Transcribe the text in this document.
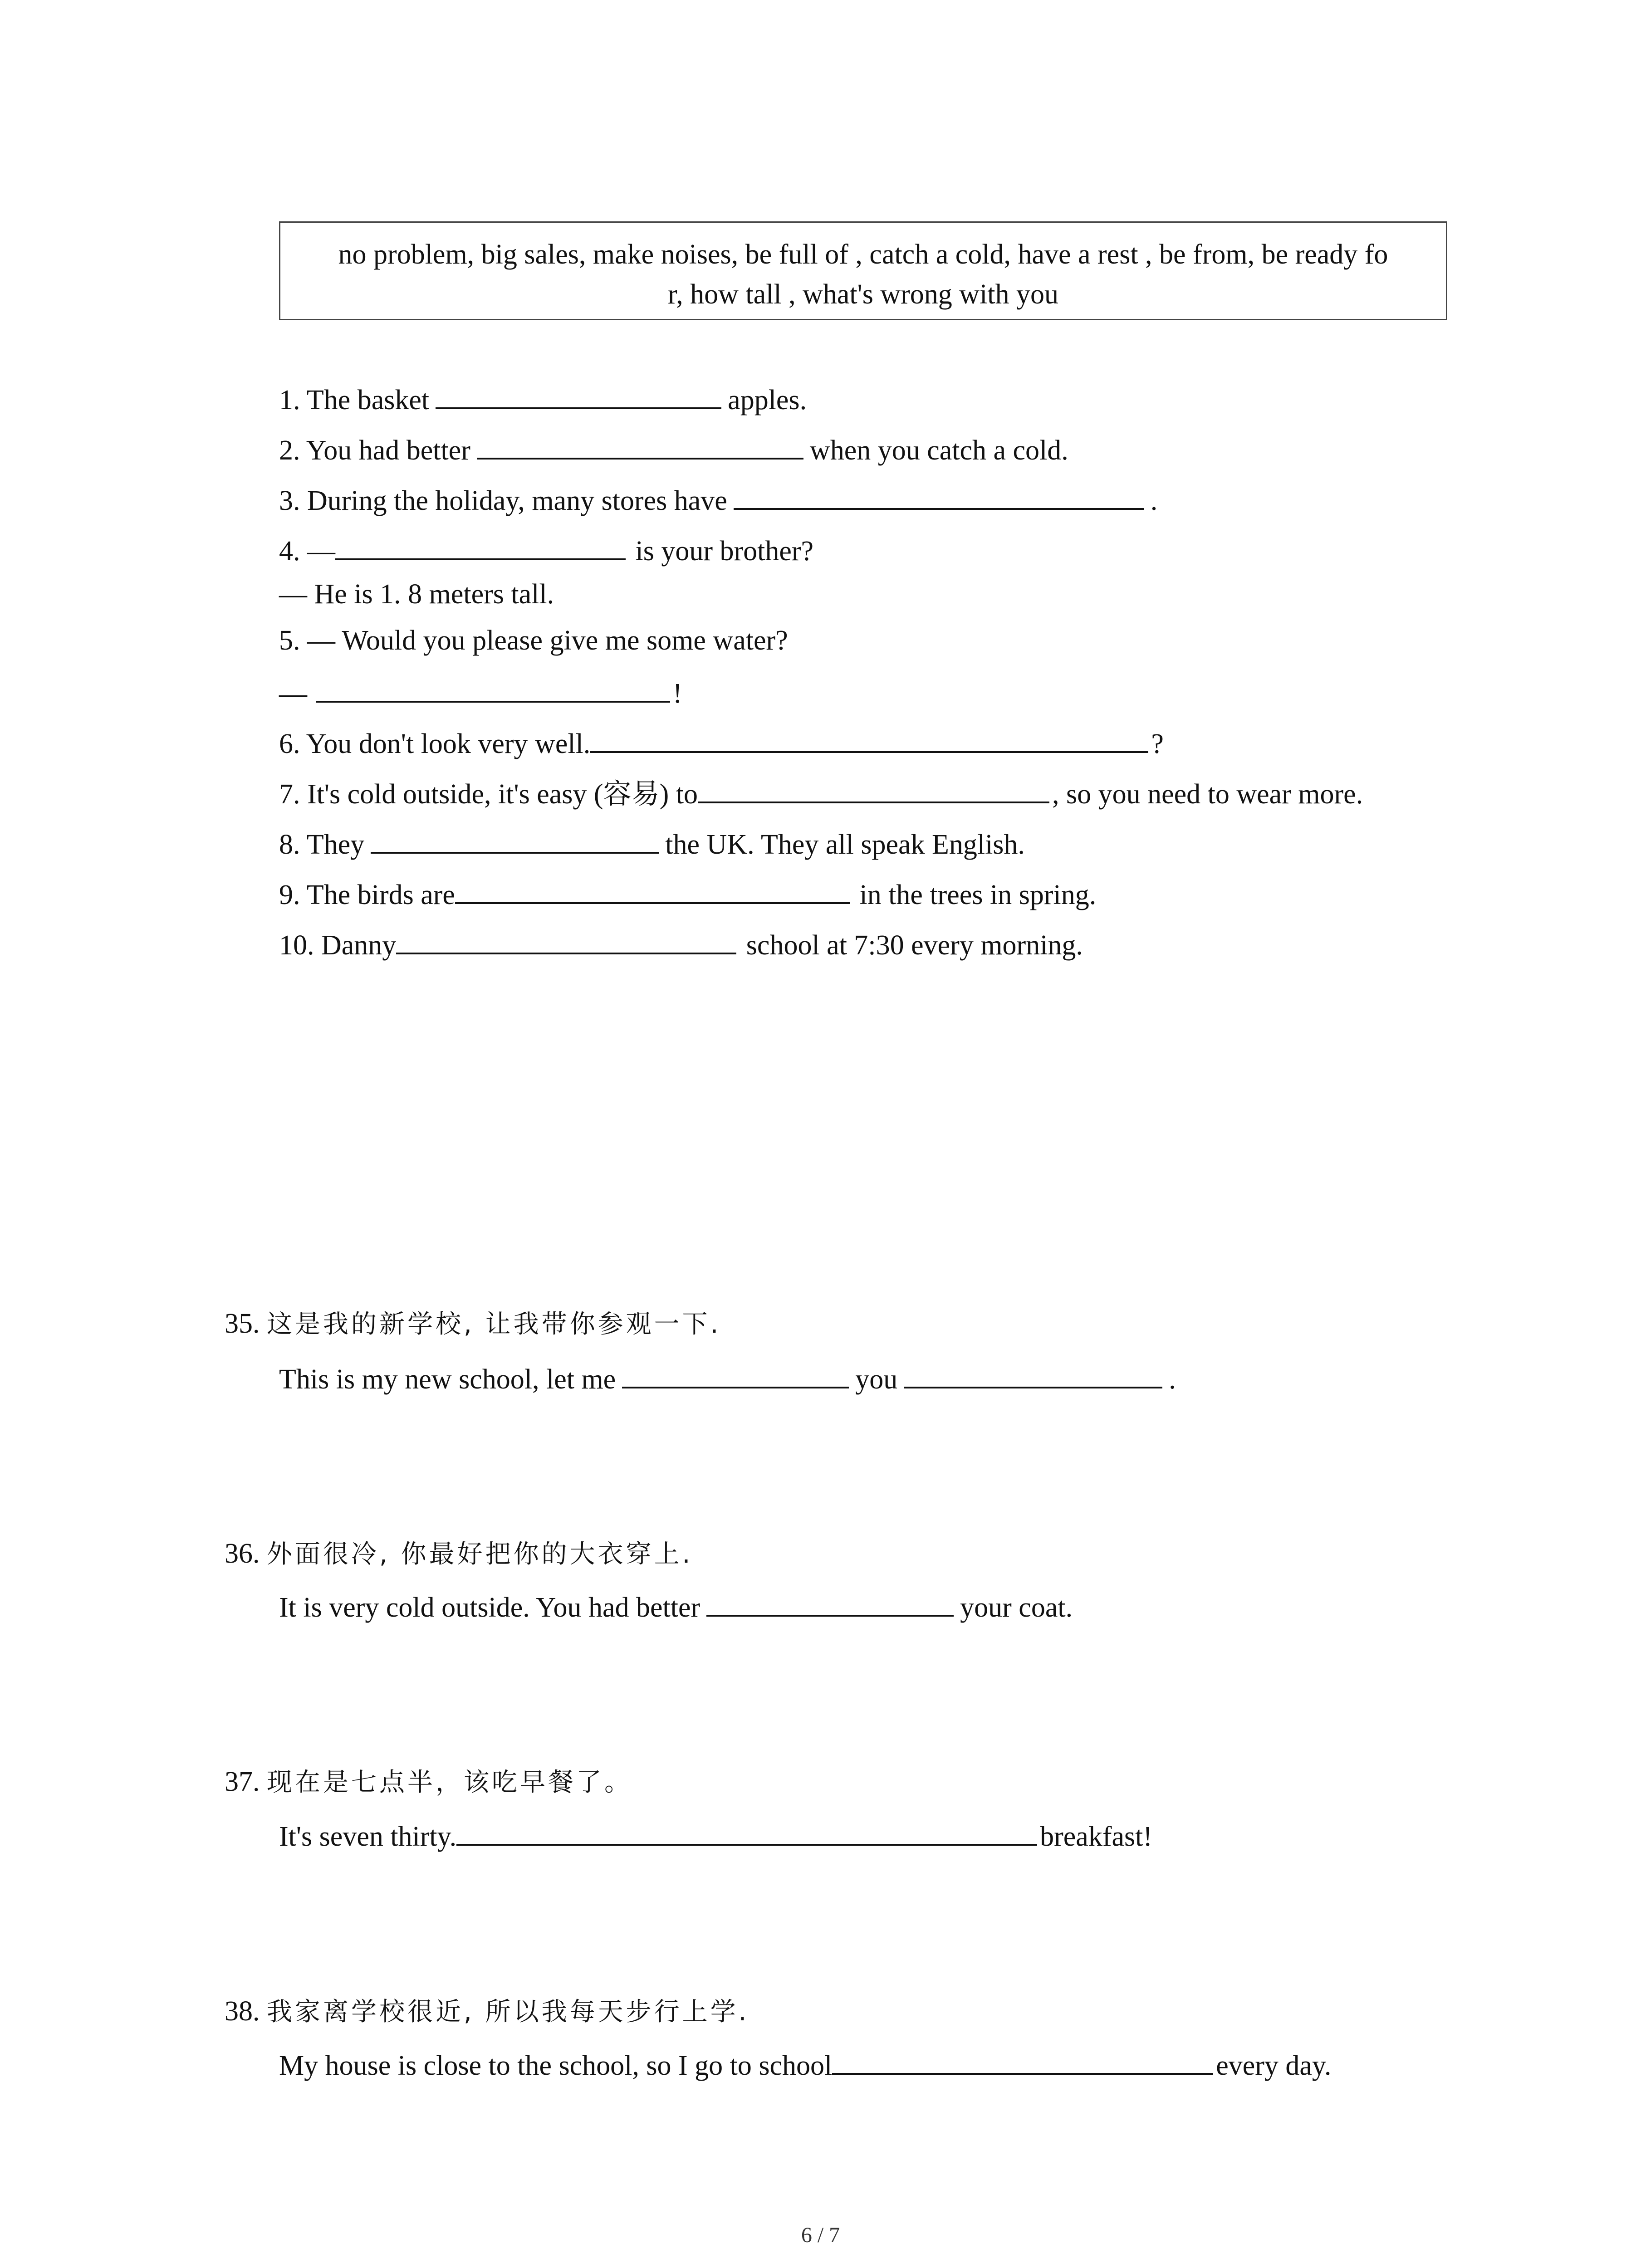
no problem, big sales, make noises, be full of , catch a cold, have a rest , be from, be ready fo
r, how tall , what's wrong with you
1. The basket	apples.
2. You had better	when you catch a cold.
3. During the holiday, many stores have	.
4. —	is your brother?
— He is 1. 8 meters tall.
5. — Would you please give me some water?
—	!
6. You don't look very well.	?
7. It's cold outside, it's easy (容易) to	, so you need to wear more.
8. They	the UK. They all speak English.
9. The birds are	in the trees in spring.
10. Danny	school at 7:30 every morning.
35. 这是我的新学校, 让我带你参观一下.
This is my new school, let me	you	.
36. 外面很冷, 你最好把你的大衣穿上.
It is very cold outside. You had better	your coat.
37. 现在是七点半，该吃早餐了。
It's seven thirty.	breakfast!
38. 我家离学校很近, 所以我每天步行上学.
My house is close to the school, so I go to school	every day.
6 / 7
